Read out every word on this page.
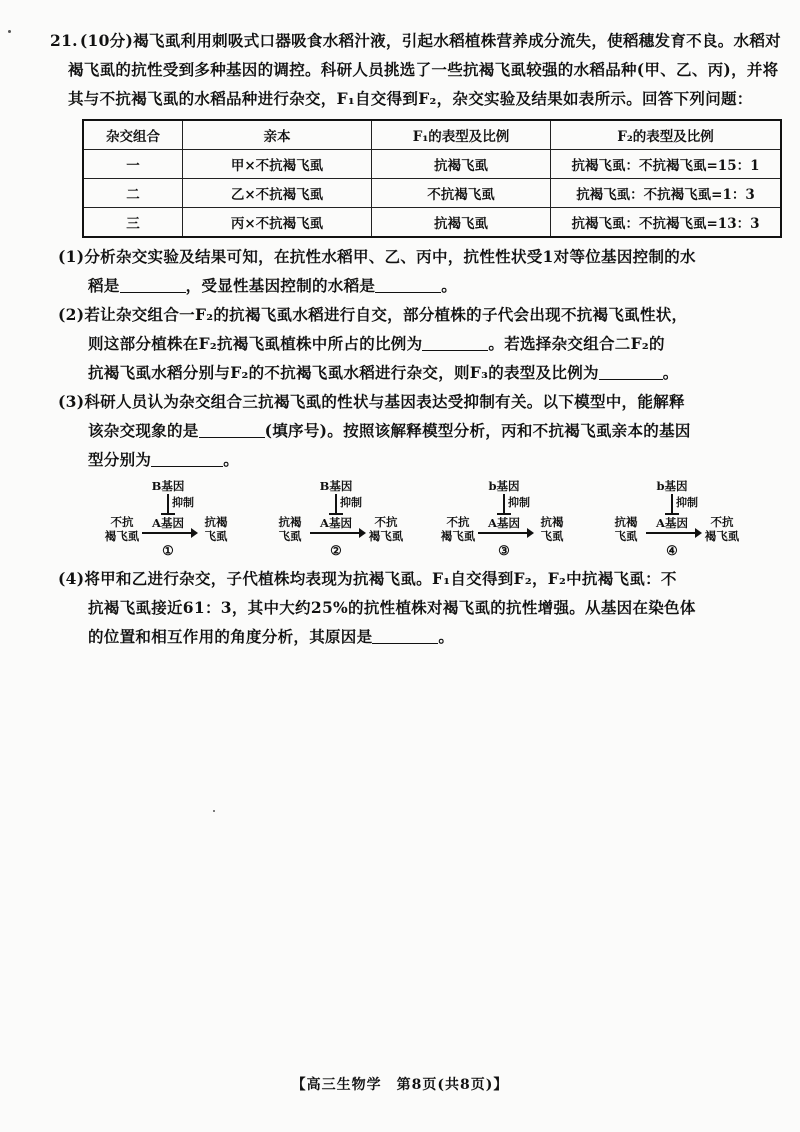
21. (10分)褐飞虱利用刺吸式口器吸食水稻汁液，引起水稻植株营养成分流失，使稻穗发育不良。水稻对褐飞虱的抗性受到多种基因的调控。科研人员挑选了一些抗褐飞虱较强的水稻品种(甲、乙、丙)，并将其与不抗褐飞虱的水稻品种进行杂交，F₁自交得到F₂，杂交实验及结果如表所示。回答下列问题：

杂交组合	亲本	F₁的表型及比例	F₂的表型及比例
一	甲×不抗褐飞虱	抗褐飞虱	抗褐飞虱：不抗褐飞虱=15：1
二	乙×不抗褐飞虱	不抗褐飞虱	抗褐飞虱：不抗褐飞虱=1：3
三	丙×不抗褐飞虱	抗褐飞虱	抗褐飞虱：不抗褐飞虱=13：3

(1)分析杂交实验及结果可知，在抗性水稻甲、乙、丙中，抗性性状受1对等位基因控制的水

稻是	，受显性基因控制的水稻是	。

(2)若让杂交组合一F₂的抗褐飞虱水稻进行自交，部分植株的子代会出现不抗褐飞虱性状，

则这部分植株在F₂抗褐飞虱植株中所占的比例为	。若选择杂交组合二F₂的

抗褐飞虱水稻分别与F₂的不抗褐飞虱水稻进行杂交，则F₃的表型及比例为	。

(3)科研人员认为杂交组合三抗褐飞虱的性状与基因表达受抑制有关。以下模型中，能解释

该杂交现象的是	(填序号)。按照该解释模型分析，丙和不抗褐飞虱亲本的基因

型分别为	。

B基因
抑制
不抗
褐飞虱
A基因	抗褐
飞虱
①
B基因
抑制
抗褐
飞虱
A基因	不抗
褐飞虱
②
b基因
抑制
不抗
褐飞虱
A基因	抗褐
飞虱
③
b基因
抑制
抗褐
飞虱
A基因	不抗
褐飞虱
④

(4)将甲和乙进行杂交，子代植株均表现为抗褐飞虱。F₁自交得到F₂，F₂中抗褐飞虱：不

抗褐飞虱接近61：3，其中大约25%的抗性植株对褐飞虱的抗性增强。从基因在染色体

的位置和相互作用的角度分析，其原因是	。

【高三生物学　第8页(共8页)】
